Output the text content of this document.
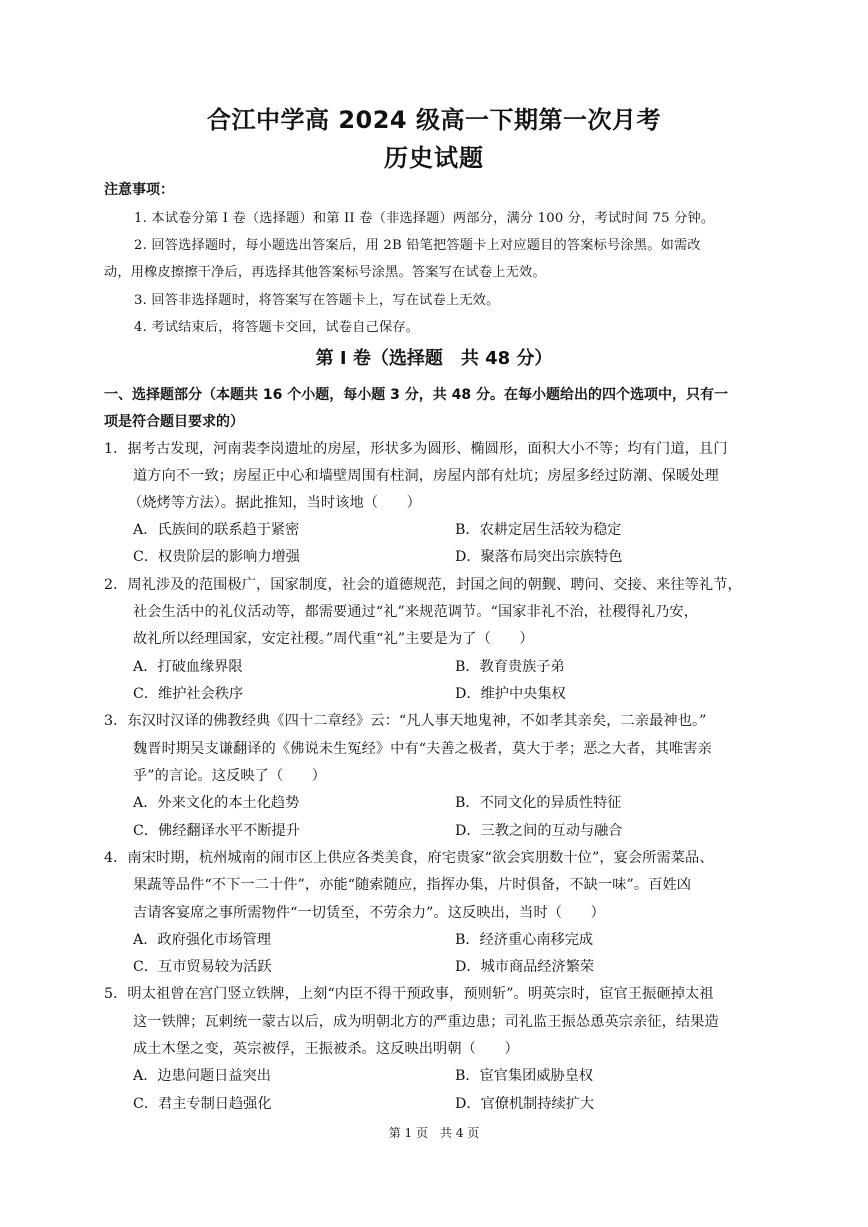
合江中学高 2024 级高一下期第一次月考
历史试题
注意事项：
1. 本试卷分第 I 卷（选择题）和第 II 卷（非选择题）两部分，满分 100 分，考试时间 75 分钟。
2. 回答选择题时，每小题选出答案后，用 2B 铅笔把答题卡上对应题目的答案标号涂黑。如需改
动，用橡皮擦擦干净后，再选择其他答案标号涂黑。答案写在试卷上无效。
3. 回答非选择题时，将答案写在答题卡上，写在试卷上无效。
4. 考试结束后，将答题卡交回，试卷自己保存。
第 I 卷（选择题　共 48 分）
一、选择题部分（本题共 16 个小题，每小题 3 分，共 48 分。在每小题给出的四个选项中，只有一
项是符合题目要求的）
1．据考古发现，河南裴李岗遗址的房屋，形状多为圆形、椭圆形，面积大小不等；均有门道，且门
道方向不一致；房屋正中心和墙壁周围有柱洞，房屋内部有灶坑；房屋多经过防潮、保暖处理
（烧烤等方法）。据此推知，当时该地（　　）
A．氏族间的联系趋于紧密	B．农耕定居生活较为稳定
C．权贵阶层的影响力增强	D．聚落布局突出宗族特色
2．周礼涉及的范围极广，国家制度，社会的道德规范，封国之间的朝觐、聘问、交接、来往等礼节，
社会生活中的礼仪活动等，都需要通过“礼”来规范调节。“国家非礼不治，社稷得礼乃安，
故礼所以经理国家，安定社稷。”周代重“礼”主要是为了（　　）
A．打破血缘界限	B．教育贵族子弟
C．维护社会秩序	D．维护中央集权
3．东汉时汉译的佛教经典《四十二章经》云：“凡人事天地鬼神，不如孝其亲矣，二亲最神也。”
魏晋时期吴支谦翻译的《佛说未生冤经》中有“夫善之极者，莫大于孝；恶之大者，其唯害亲
乎”的言论。这反映了（　　）
A．外来文化的本土化趋势	B．不同文化的异质性特征
C．佛经翻译水平不断提升	D．三教之间的互动与融合
4．南宋时期，杭州城南的闹市区上供应各类美食，府宅贵家“欲会宾朋数十位”，宴会所需菜品、
果蔬等品件“不下一二十件”，亦能“随索随应，指挥办集，片时俱备，不缺一味”。百姓凶
吉请客宴席之事所需物件“一切赁至，不劳余力”。这反映出，当时（　　）
A．政府强化市场管理	B．经济重心南移完成
C．互市贸易较为活跃	D．城市商品经济繁荣
5．明太祖曾在宫门竖立铁牌，上刻“内臣不得干预政事，预则斩”。明英宗时，宦官王振砸掉太祖
这一铁牌；瓦剌统一蒙古以后，成为明朝北方的严重边患；司礼监王振怂恿英宗亲征，结果造
成土木堡之变，英宗被俘，王振被杀。这反映出明朝（　　）
A．边患问题日益突出	B．宦官集团威胁皇权
C．君主专制日趋强化	D．官僚机制持续扩大
第 1 页　共 4 页
